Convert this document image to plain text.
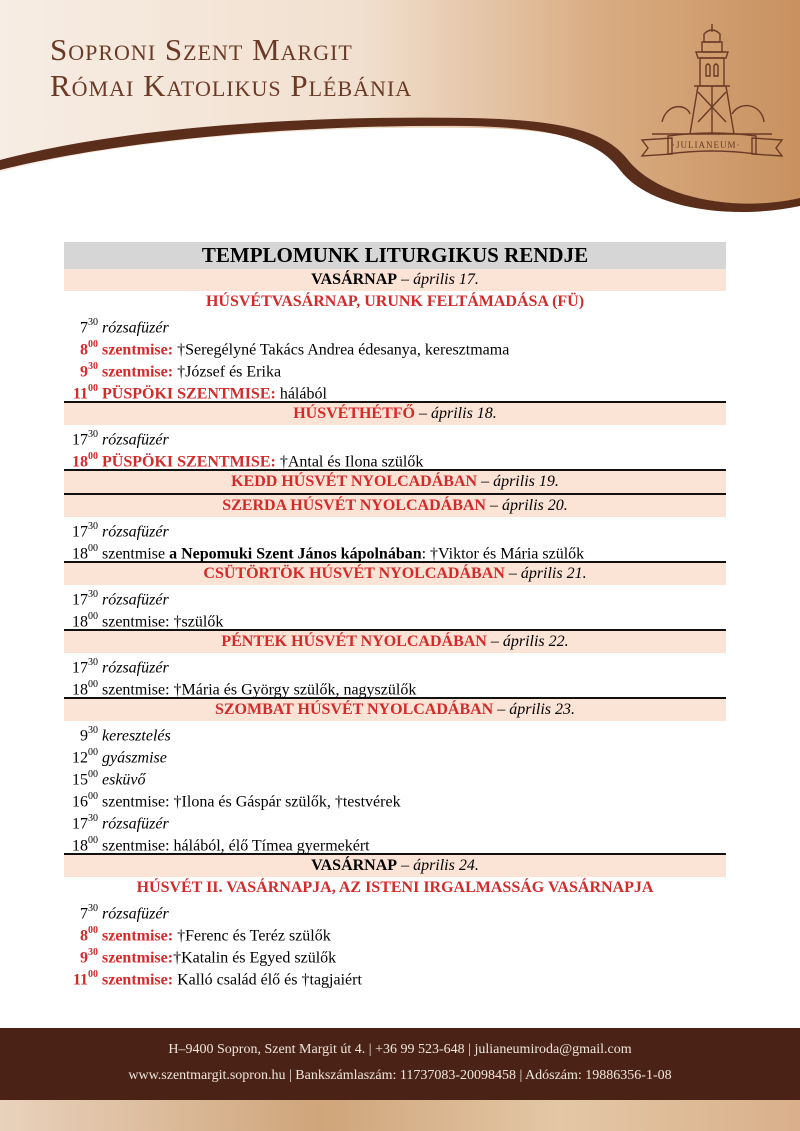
Soproni Szent Margit
Római Katolikus Plébánia
·JULIANEUM·
TEMPLOMUNK LITURGIKUS RENDJE
VASÁRNAP – április 17.
HÚSVÉTVASÁRNAP, URUNK FELTÁMADÁSA (FÜ)
$7^{30}$ rózsafüzér
$8^{00}$ szentmise: †Seregélyné Takács Andrea édesanya, keresztmama
$9^{30}$ szentmise: †József és Erika
$11^{00}$ PÜSPÖKI SZENTMISE: hálából
HÚSVÉTHÉTFŐ – április 18.
$17^{30}$ rózsafüzér
$18^{00}$ PÜSPÖKI SZENTMISE: †Antal és Ilona szülők
KEDD HÚSVÉT NYOLCADÁBAN – április 19.
SZERDA HÚSVÉT NYOLCADÁBAN – április 20.
$17^{30}$ rózsafüzér
$18^{00}$ szentmise a Nepomuki Szent János kápolnában: †Viktor és Mária szülők
CSÜTÖRTÖK HÚSVÉT NYOLCADÁBAN – április 21.
$17^{30}$ rózsafüzér
$18^{00}$ szentmise: †szülők
PÉNTEK HÚSVÉT NYOLCADÁBAN – április 22.
$17^{30}$ rózsafüzér
$18^{00}$ szentmise: †Mária és György szülők, nagyszülők
SZOMBAT HÚSVÉT NYOLCADÁBAN – április 23.
$9^{30}$ keresztelés
$12^{00}$ gyászmise
$15^{00}$ esküvő
$16^{00}$ szentmise: †Ilona és Gáspár szülők, †testvérek
$17^{30}$ rózsafüzér
$18^{00}$ szentmise: hálából, élő Tímea gyermekért
VASÁRNAP – április 24.
HÚSVÉT II. VASÁRNAPJA, AZ ISTENI IRGALMASSÁG VASÁRNAPJA
$7^{30}$ rózsafüzér
$8^{00}$ szentmise: †Ferenc és Teréz szülők
$9^{30}$ szentmise:†Katalin és Egyed szülők
$11^{00}$ szentmise: Kalló család élő és †tagjaiért
H–9400 Sopron, Szent Margit út 4. | +36 99 523-648 | julianeumiroda@gmail.com
www.szentmargit.sopron.hu | Bankszámlaszám: 11737083-20098458 | Adószám: 19886356-1-08
